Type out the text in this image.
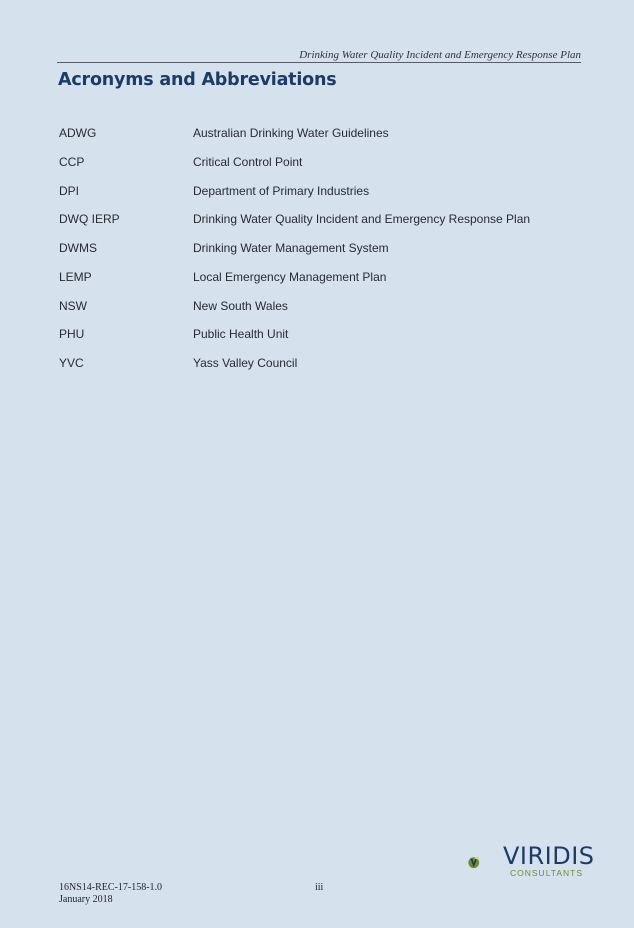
Drinking Water Quality Incident and Emergency Response Plan
Acronyms and Abbreviations
ADWG	Australian Drinking Water Guidelines
CCP	Critical Control Point
DPI	Department of Primary Industries
DWQ IERP	Drinking Water Quality Incident and Emergency Response Plan
DWMS	Drinking Water Management System
LEMP	Local Emergency Management Plan
NSW	New South Wales
PHU	Public Health Unit
YVC	Yass Valley Council
VIRIDIS
CONSULTANTS
16NS14-REC-17-158-1.0
January 2018
iii
